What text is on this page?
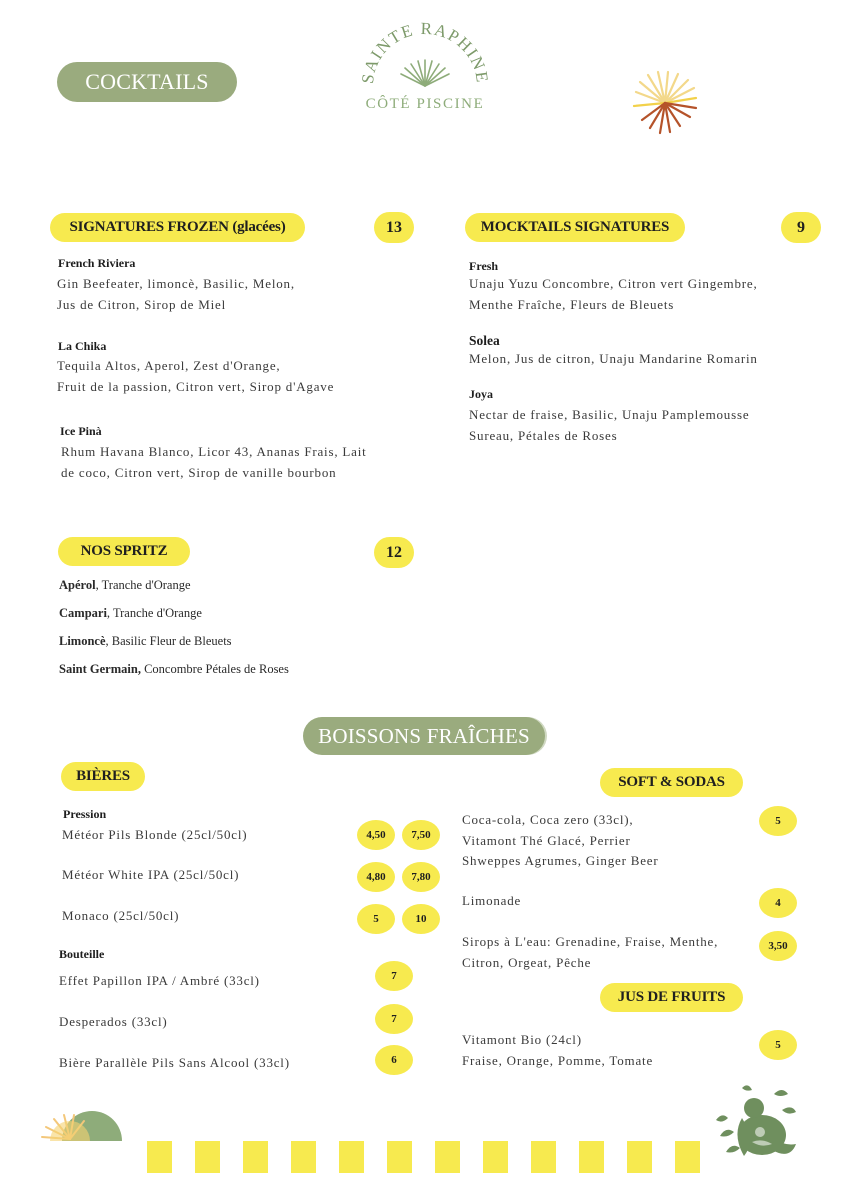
COCKTAILS	SAINTE RAPHINE
CÔTÉ PISCINE
SIGNATURES FROZEN (glacées)	13
French Riviera
Gin Beefeater, limoncè, Basilic, Melon,
Jus de Citron, Sirop de Miel
La Chika
Tequila Altos, Aperol, Zest d'Orange,
Fruit de la passion, Citron vert, Sirop d'Agave
Ice Pinà
Rhum Havana Blanco, Licor 43, Ananas Frais, Lait
de coco, Citron vert, Sirop de vanille bourbon
MOCKTAILS SIGNATURES	9
Fresh
Unaju Yuzu Concombre, Citron vert Gingembre,
Menthe Fraîche, Fleurs de Bleuets
Solea
Melon, Jus de citron, Unaju Mandarine Romarin
Joya
Nectar de fraise, Basilic, Unaju Pamplemousse
Sureau, Pétales de Roses
NOS SPRITZ	12
Apérol, Tranche d'Orange
Campari, Tranche d'Orange
Limoncè, Basilic Fleur de Bleuets
Saint Germain, Concombre Pétales de Roses
BOISSONS FRAÎCHES
BIÈRES
Pression
Météor Pils Blonde (25cl/50cl)	4,50 7,50
Météor White IPA (25cl/50cl)	4,80 7,80
Monaco (25cl/50cl)	5	10
Bouteille
Effet Papillon IPA / Ambré (33cl)	7
Desperados (33cl)	7
Bière Parallèle Pils Sans Alcool (33cl)	6
SOFT & SODAS
Coca-cola, Coca zero (33cl),
Vitamont Thé Glacé, Perrier
Shweppes Agrumes, Ginger Beer
5
Limonade	4
Sirops à L'eau: Grenadine, Fraise, Menthe,
Citron, Orgeat, Pêche
3,50
JUS DE FRUITS
Vitamont Bio (24cl)
Fraise, Orange, Pomme, Tomate
5
